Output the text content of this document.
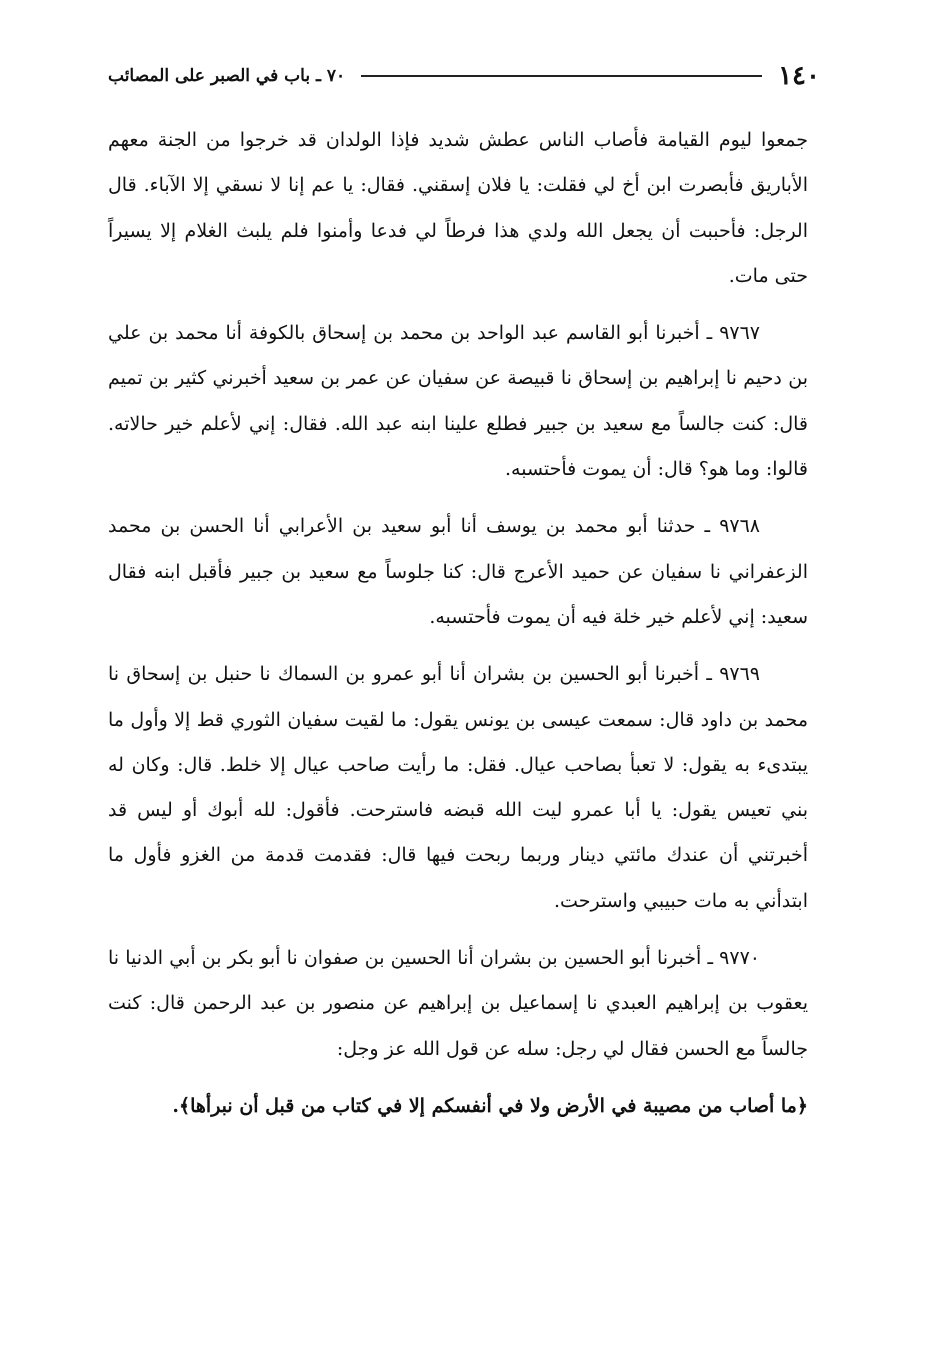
١٤٠
٧٠ ـ باب في الصبر على المصائب

جمعوا ليوم القيامة فأصاب الناس عطش شديد فإذا الولدان قد خرجوا من الجنة معهم الأباريق فأبصرت ابن أخ لي فقلت: يا فلان إسقني. فقال: يا عم إنا لا نسقي إلا الآباء. قال الرجل: فأحببت أن يجعل الله ولدي هذا فرطاً لي فدعا وأمنوا فلم يلبث الغلام إلا يسيراً حتى مات.

٩٧٦٧ ـ أخبرنا أبو القاسم عبد الواحد بن محمد بن إسحاق بالكوفة أنا محمد بن علي بن دحيم نا إبراهيم بن إسحاق نا قبيصة عن سفيان عن عمر بن سعيد أخبرني كثير بن تميم قال: كنت جالساً مع سعيد بن جبير فطلع علينا ابنه عبد الله. فقال: إني لأعلم خير حالاته. قالوا: وما هو؟ قال: أن يموت فأحتسبه.

٩٧٦٨ ـ حدثنا أبو محمد بن يوسف أنا أبو سعيد بن الأعرابي أنا الحسن بن محمد الزعفراني نا سفيان عن حميد الأعرج قال: كنا جلوساً مع سعيد بن جبير فأقبل ابنه فقال سعيد: إني لأعلم خير خلة فيه أن يموت فأحتسبه.

٩٧٦٩ ـ أخبرنا أبو الحسين بن بشران أنا أبو عمرو بن السماك نا حنبل بن إسحاق نا محمد بن داود قال: سمعت عيسى بن يونس يقول: ما لقيت سفيان الثوري قط إلا وأول ما يبتدىء به يقول: لا تعبأ بصاحب عيال. فقل: ما رأيت صاحب عيال إلا خلط. قال: وكان له بني تعيس يقول: يا أبا عمرو ليت الله قبضه فاسترحت. فأقول: لله أبوك أو ليس قد أخبرتني أن عندك مائتي دينار وربما ربحت فيها قال: فقدمت قدمة من الغزو فأول ما ابتدأني به مات حبيبي واسترحت.

٩٧٧٠ ـ أخبرنا أبو الحسين بن بشران أنا الحسين بن صفوان نا أبو بكر بن أبي الدنيا نا يعقوب بن إبراهيم العبدي نا إسماعيل بن إبراهيم عن منصور بن عبد الرحمن قال: كنت جالساً مع الحسن فقال لي رجل: سله عن قول الله عز وجل:

﴿ما أصاب من مصيبة في الأرض ولا في أنفسكم إلا في كتاب من قبل أن نبرأها﴾.
